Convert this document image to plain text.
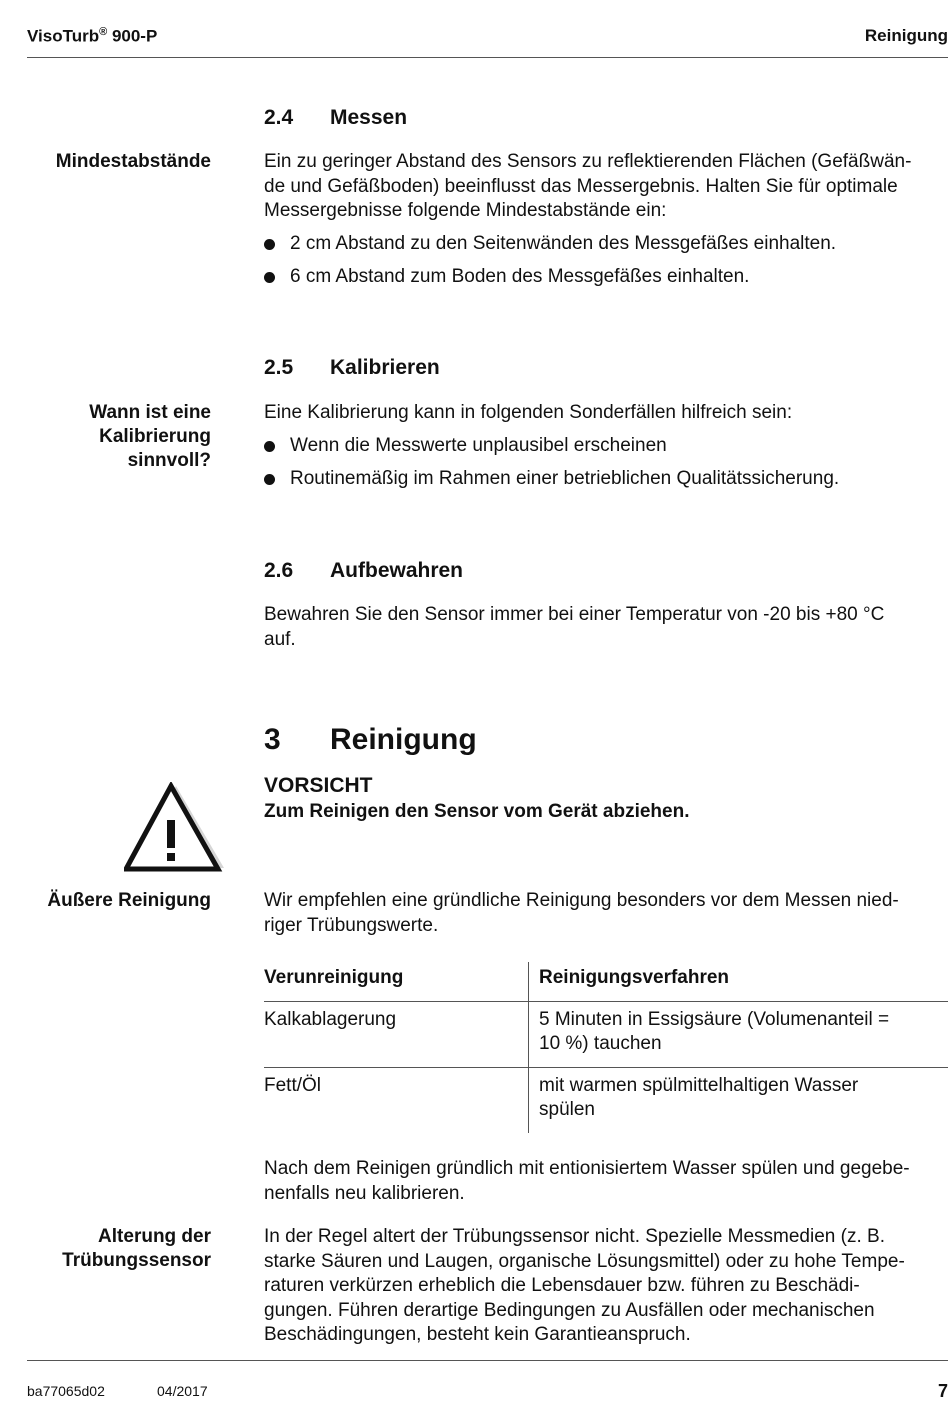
VisoTurb® 900-P	Reinigung
2.4 Messen
Mindestabstände	Ein zu geringer Abstand des Sensors zu reflektierenden Flächen (Gefäßwän-
de und Gefäßboden) beeinflusst das Messergebnis. Halten Sie für optimale
Messergebnisse folgende Mindestabstände ein:
2 cm Abstand zu den Seitenwänden des Messgefäßes einhalten.
6 cm Abstand zum Boden des Messgefäßes einhalten.
2.5 Kalibrieren
Wann ist eine
Kalibrierung
sinnvoll?
Eine Kalibrierung kann in folgenden Sonderfällen hilfreich sein:
Wenn die Messwerte unplausibel erscheinen
Routinemäßig im Rahmen einer betrieblichen Qualitätssicherung.
2.6 Aufbewahren
Bewahren Sie den Sensor immer bei einer Temperatur von -20 bis +80 °C
auf.
3 Reinigung
VORSICHT
Zum Reinigen den Sensor vom Gerät abziehen.
Äußere Reinigung	Wir empfehlen eine gründliche Reinigung besonders vor dem Messen nied-
riger Trübungswerte.
Verunreinigung	Reinigungsverfahren
Kalkablagerung	5 Minuten in Essigsäure (Volumenanteil =
10 %) tauchen

Fett/Öl	mit warmen spülmittelhaltigen Wasser
spülen
Nach dem Reinigen gründlich mit entionisiertem Wasser spülen und gegebe-
nenfalls neu kalibrieren.
Alterung der
Trübungssensor
In der Regel altert der Trübungssensor nicht. Spezielle Messmedien (z. B.
starke Säuren und Laugen, organische Lösungsmittel) oder zu hohe Tempe-
raturen verkürzen erheblich die Lebensdauer bzw. führen zu Beschädi-
gungen. Führen derartige Bedingungen zu Ausfällen oder mechanischen
Beschädingungen, besteht kein Garantieanspruch.
ba77065d02	04/2017	7
